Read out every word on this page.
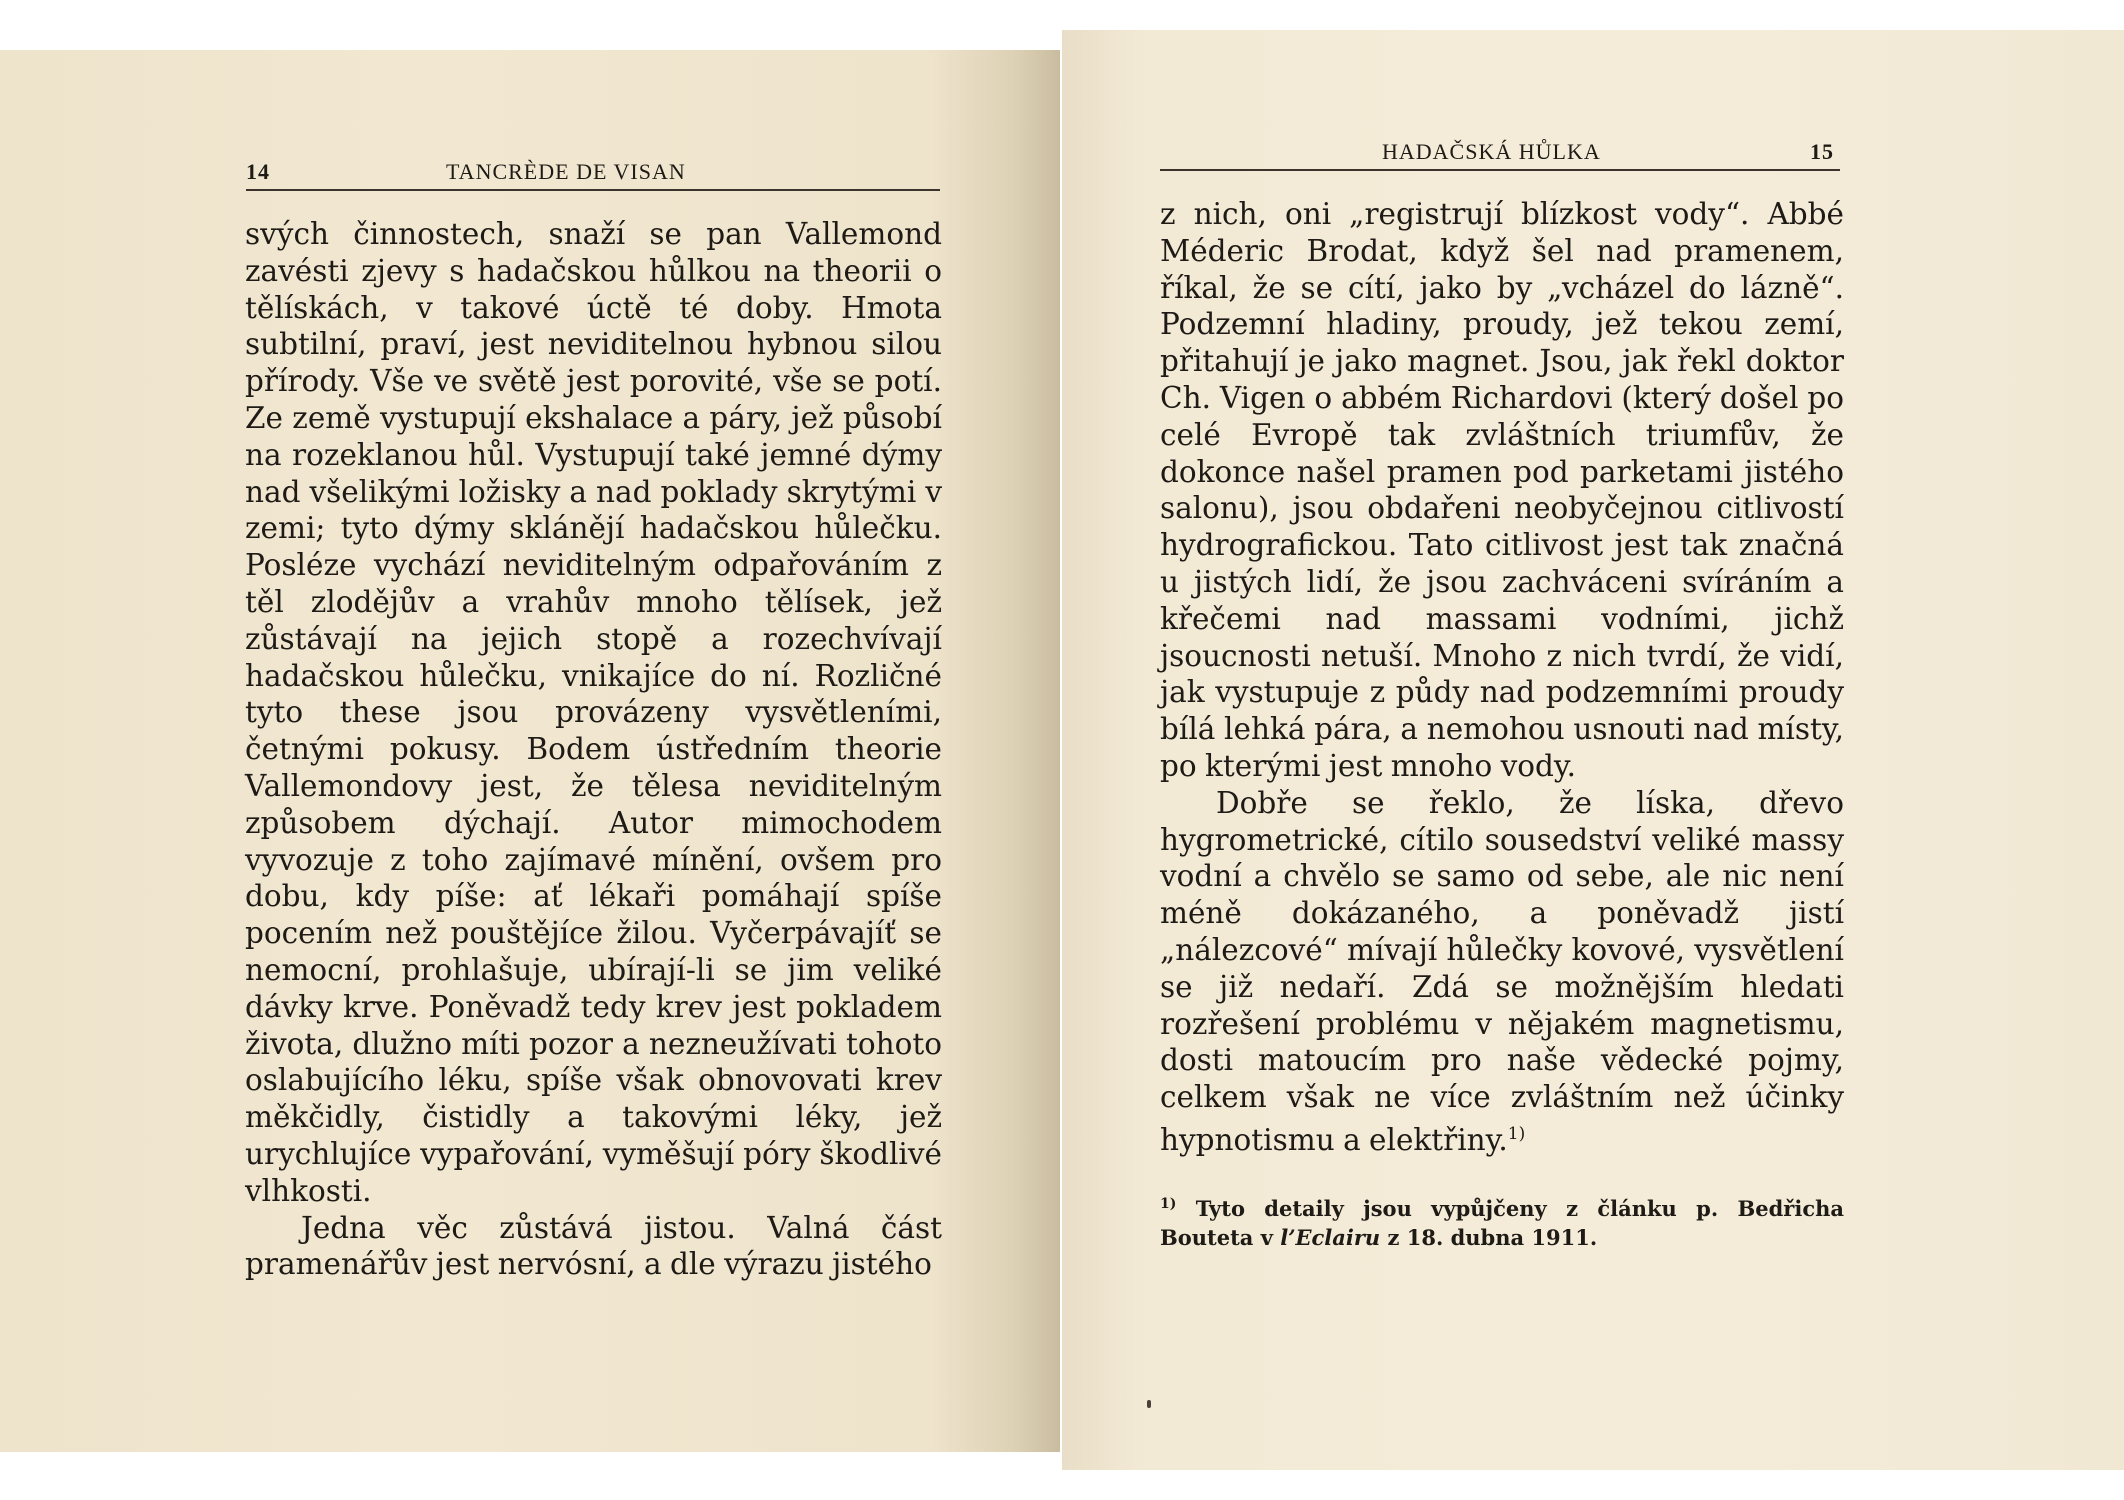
14	TANCRÈDE DE VISAN

svých činnostech, snaží se pan Vallemond zavésti zjevy s hadačskou hůlkou na theorii o tělískách, v takové úctě té doby. Hmota subtilní, praví, jest neviditelnou hybnou silou přírody. Vše ve světě jest porovité, vše se potí. Ze země vystupují ekshalace a páry, jež působí na rozeklanou hůl. Vystupují také jemné dýmy nad všelikými ložisky a nad poklady skrytými v zemi; tyto dýmy sklánějí hadačskou hůlečku. Posléze vychází neviditelným odpařováním z těl zlodějův a vrahův mnoho tělísek, jež zůstávají na jejich stopě a rozechvívají hadačskou hůlečku, vnikajíce do ní. Rozličné tyto these jsou provázeny vysvětleními, četnými pokusy. Bodem ústředním theorie Vallemondovy jest, že tělesa neviditelným způsobem dýchají. Autor mimochodem vyvozuje z toho zajímavé mínění, ovšem pro dobu, kdy píše: ať lékaři pomáhají spíše pocením než pouštějíce žilou. Vyčerpávajíť se nemocní, prohlašuje, ubírají-li se jim veliké dávky krve. Poněvadž tedy krev jest pokladem života, dlužno míti pozor a nezneužívati tohoto oslabujícího léku, spíše však obnovovati krev měkčidly, čistidly a takovými léky, jež urychlujíce vypařování, vyměšují póry škodlivé vlhkosti.

Jedna věc zůstává jistou. Valná část pramenářův jest nervósní, a dle výrazu jistého

HADAČSKÁ HŮLKA	15

z nich, oni „registrují blízkost vody“. Abbé Méderic Brodat, když šel nad pramenem, říkal, že se cítí, jako by „vcházel do lázně“. Podzemní hladiny, proudy, jež tekou zemí, přitahují je jako magnet. Jsou, jak řekl doktor Ch. Vigen o abbém Richardovi (který došel po celé Evropě tak zvláštních triumfův, že dokonce našel pramen pod parketami jistého salonu), jsou obdařeni neobyčejnou citlivostí hydrografickou. Tato citlivost jest tak značná u jistých lidí, že jsou zachváceni svíráním a křečemi nad massami vodními, jichž jsoucnosti netuší. Mnoho z nich tvrdí, že vidí, jak vystupuje z půdy nad podzemními proudy bílá lehká pára, a nemohou usnouti nad místy, po kterými jest mnoho vody.

Dobře se řeklo, že líska, dřevo hygrometrické, cítilo sousedství veliké massy vodní a chvělo se samo od sebe, ale nic není méně dokázaného, a poněvadž jistí „nálezcové“ mívají hůlečky kovové, vysvětlení se již nedaří. Zdá se možnějším hledati rozřešení problému v nějakém magnetismu, dosti matoucím pro naše vědecké pojmy, celkem však ne více zvláštním než účinky hypnotismu a elektřiny.$^{1)}$

$^{1)}$ Tyto detaily jsou vypůjčeny z článku p. Bedřicha Bouteta v l’Eclairu z 18. dubna 1911.
